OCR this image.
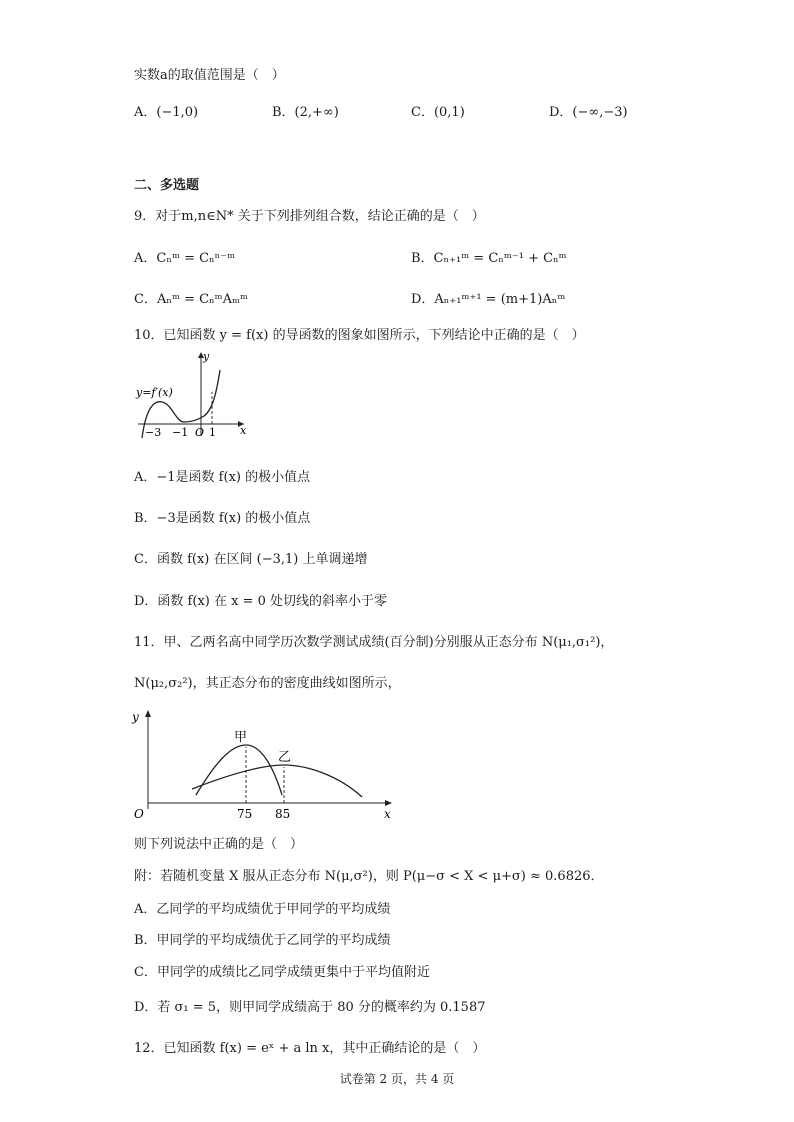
实数a的取值范围是（　）
A．(−1,0)	B．(2,+∞)	C．(0,1)	D．(−∞,−3)
二、多选题
9．对于m,n∈N* 关于下列排列组合数，结论正确的是（　）
A．Cₙᵐ = Cₙⁿ⁻ᵐ	B．Cₙ₊₁ᵐ = Cₙᵐ⁻¹ + Cₙᵐ
C．Aₙᵐ = CₙᵐAₘᵐ	D．Aₙ₊₁ᵐ⁺¹ = (m+1)Aₙᵐ
10．已知函数 y = f(x) 的导函数的图象如图所示，下列结论中正确的是（　）
y=f′(x)
y
x
−3 −1 O 1
A．−1是函数 f(x) 的极小值点
B．−3是函数 f(x) 的极小值点
C．函数 f(x) 在区间 (−3,1) 上单调递增
D．函数 f(x) 在 x = 0 处切线的斜率小于零
11．甲、乙两名高中同学历次数学测试成绩(百分制)分别服从正态分布 N(μ₁,σ₁²)，
N(μ₂,σ₂²)，其正态分布的密度曲线如图所示，
y
x
O
甲
乙
75 85
则下列说法中正确的是（　）
附：若随机变量 X 服从正态分布 N(μ,σ²)，则 P(μ−σ < X < μ+σ) ≈ 0.6826．
A．乙同学的平均成绩优于甲同学的平均成绩
B．甲同学的平均成绩优于乙同学的平均成绩
C．甲同学的成绩比乙同学成绩更集中于平均值附近
D．若 σ₁ = 5，则甲同学成绩高于 80 分的概率约为 0.1587
12．已知函数 f(x) = eˣ + a ln x，其中正确结论的是（　）
试卷第 2 页，共 4 页
